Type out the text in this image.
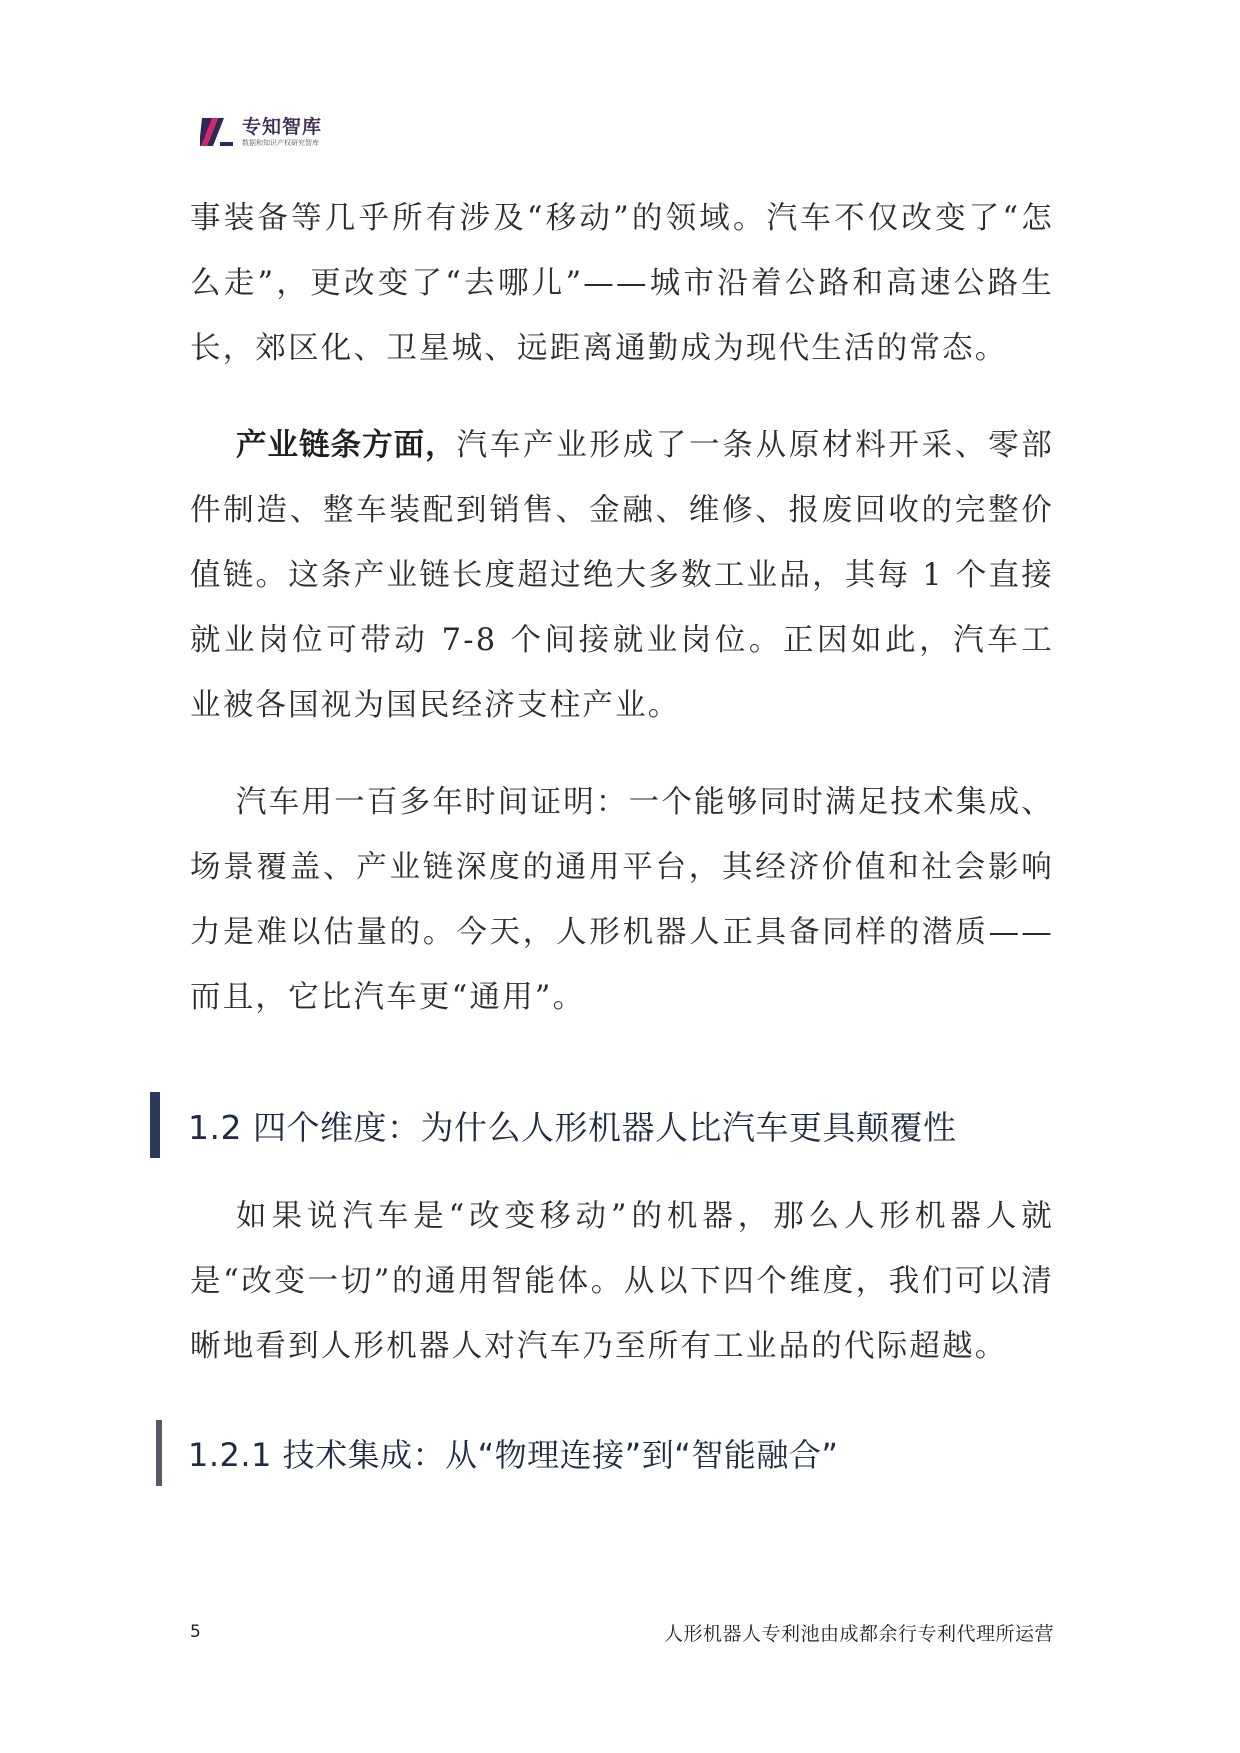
专知智库
数据和知识产权研究智库

事装备等几乎所有涉及“移动”的领域。汽车不仅改变了“怎么走”，更改变了“去哪儿”——城市沿着公路和高速公路生长，郊区化、卫星城、远距离通勤成为现代生活的常态。

产业链条方面，汽车产业形成了一条从原材料开采、零部件制造、整车装配到销售、金融、维修、报废回收的完整价值链。这条产业链长度超过绝大多数工业品，其每 1 个直接就业岗位可带动 7-8 个间接就业岗位。正因如此，汽车工业被各国视为国民经济支柱产业。

汽车用一百多年时间证明：一个能够同时满足技术集成、场景覆盖、产业链深度的通用平台，其经济价值和社会影响力是难以估量的。今天，人形机器人正具备同样的潜质——而且，它比汽车更“通用”。

1.2 四个维度：为什么人形机器人比汽车更具颠覆性

如果说汽车是“改变移动”的机器，那么人形机器人就是“改变一切”的通用智能体。从以下四个维度，我们可以清晰地看到人形机器人对汽车乃至所有工业品的代际超越。

1.2.1 技术集成：从“物理连接”到“智能融合”
5	人形机器人专利池由成都余行专利代理所运营
